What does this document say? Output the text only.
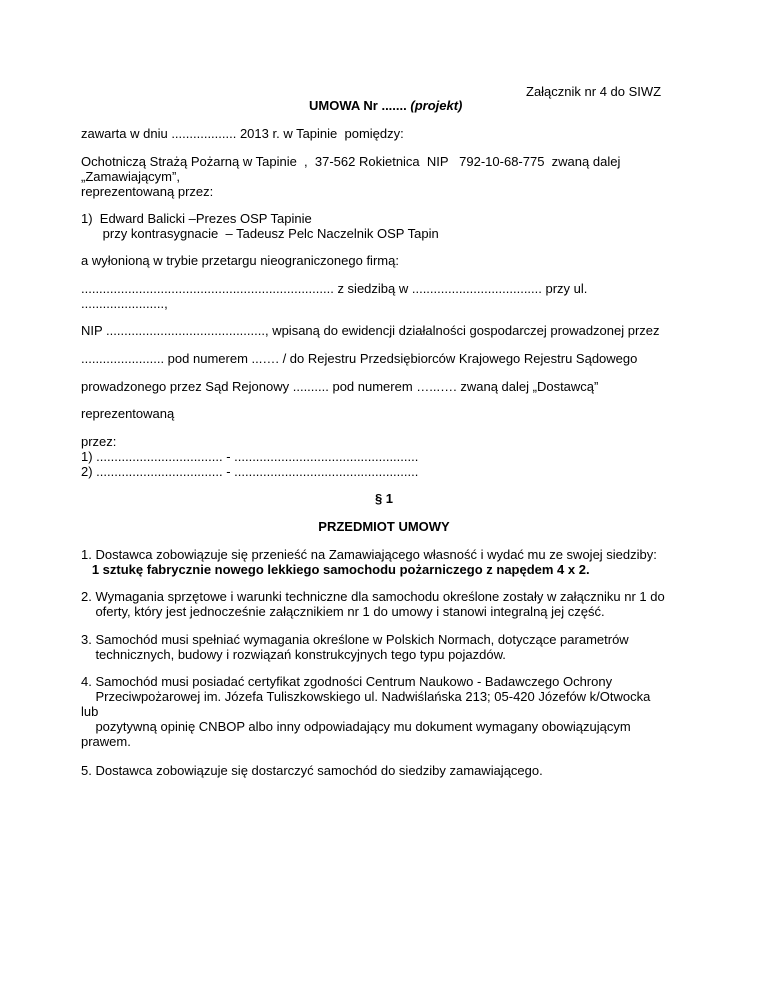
Załącznik nr 4 do SIWZ
UMOWA Nr ....... (projekt)
zawarta w dniu .................. 2013 r. w Tapinie  pomiędzy:
Ochotniczą Strażą Pożarną w Tapinie  ,  37-562 Rokietnica  NIP   792-10-68-775  zwaną dalej
„Zamawiającym”,
reprezentowaną przez:
1)  Edward Balicki –Prezes OSP Tapinie
przy kontrasygnacie  – Tadeusz Pelc Naczelnik OSP Tapin
a wyłonioną w trybie przetargu nieograniczonego firmą:
...................................................................... z siedzibą w .................................... przy ul.
.......................,
NIP ............................................, wpisaną do ewidencji działalności gospodarczej prowadzonej przez
....................... pod numerem ...…. / do Rejestru Przedsiębiorców Krajowego Rejestru Sądowego
prowadzonego przez Sąd Rejonowy .......... pod numerem …...…. zwaną dalej „Dostawcą”
reprezentowaną
przez:
1) ................................... - ...................................................
2) ................................... - ...................................................
§ 1
PRZEDMIOT UMOWY
1. Dostawca zobowiązuje się przenieść na Zamawiającego własność i wydać mu ze swojej siedziby:
1 sztukę fabrycznie nowego lekkiego samochodu pożarniczego z napędem 4 x 2.
2. Wymagania sprzętowe i warunki techniczne dla samochodu określone zostały w załączniku nr 1 do
oferty, który jest jednocześnie załącznikiem nr 1 do umowy i stanowi integralną jej część.
3. Samochód musi spełniać wymagania określone w Polskich Normach, dotyczące parametrów
technicznych, budowy i rozwiązań konstrukcyjnych tego typu pojazdów.
4. Samochód musi posiadać certyfikat zgodności Centrum Naukowo - Badawczego Ochrony
Przeciwpożarowej im. Józefa Tuliszkowskiego ul. Nadwiślańska 213; 05-420 Józefów k/Otwocka
lub
pozytywną opinię CNBOP albo inny odpowiadający mu dokument wymagany obowiązującym
prawem.
5. Dostawca zobowiązuje się dostarczyć samochód do siedziby zamawiającego.
